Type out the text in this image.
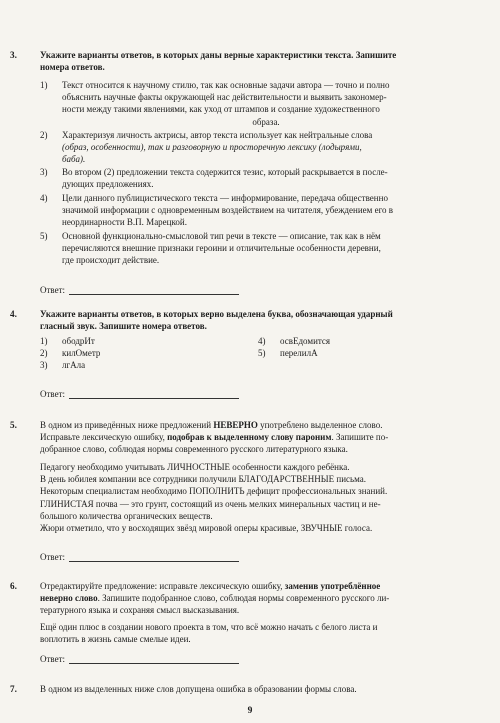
3.	Укажите варианты ответов, в которых даны верные характеристики текста. Запишите
номера ответов.
1) Текст относится к научному стилю, так как основные задачи автора — точно и полно
объяснить научные факты окружающей нас действительности и выявить закономер-
ности между такими явлениями, как уход от штампов и создание художественного
образа.
2) Характеризуя личность актрисы, автор текста использует как нейтральные слова
(образ, особенности), так и разговорную и просторечную лексику (лодырями,
баба).
3) Во втором (2) предложении текста содержится тезис, который раскрывается в после-
дующих предложениях.
4) Цели данного публицистического текста — информирование, передача общественно
значимой информации с одновременным воздействием на читателя, убеждением его в
неординарности В.П. Марецкой.
5) Основной функционально-смысловой тип речи в тексте — описание, так как в нём
перечисляются внешние признаки героини и отличительные особенности деревни,
где происходит действие.
Ответ:
4.	Укажите варианты ответов, в которых верно выделена буква, обозначающая ударный
гласный звук. Запишите номера ответов.
1) ободрИт
2) килОметр
3) лгАла
4) освЕдомится
5) перелилА
Ответ:
5.	В одном из приведённых ниже предложений НЕВЕРНО употреблено выделенное слово.
Исправьте лексическую ошибку, подобрав к выделенному слову пароним. Запишите по-
добранное слово, соблюдая нормы современного русского литературного языка.
Педагогу необходимо учитывать ЛИЧНОСТНЫЕ особенности каждого ребёнка.
В день юбилея компании все сотрудники получили БЛАГОДАРСТВЕННЫЕ письма.
Некоторым специалистам необходимо ПОПОЛНИТЬ дефицит профессиональных знаний.
ГЛИНИСТАЯ почва — это грунт, состоящий из очень мелких минеральных частиц и не-
большого количества органических веществ.
Жюри отметило, что у восходящих звёзд мировой оперы красивые, ЗВУЧНЫЕ голоса.
Ответ:
6.	Отредактируйте предложение: исправьте лексическую ошибку, заменив употреблённое
неверно слово. Запишите подобранное слово, соблюдая нормы современного русского ли-
тературного языка и сохраняя смысл высказывания.
Ещё один плюс в создании нового проекта в том, что всё можно начать с белого листа и
воплотить в жизнь самые смелые идеи.
Ответ:
7.	В одном из выделенных ниже слов допущена ошибка в образовании формы слова.
9
